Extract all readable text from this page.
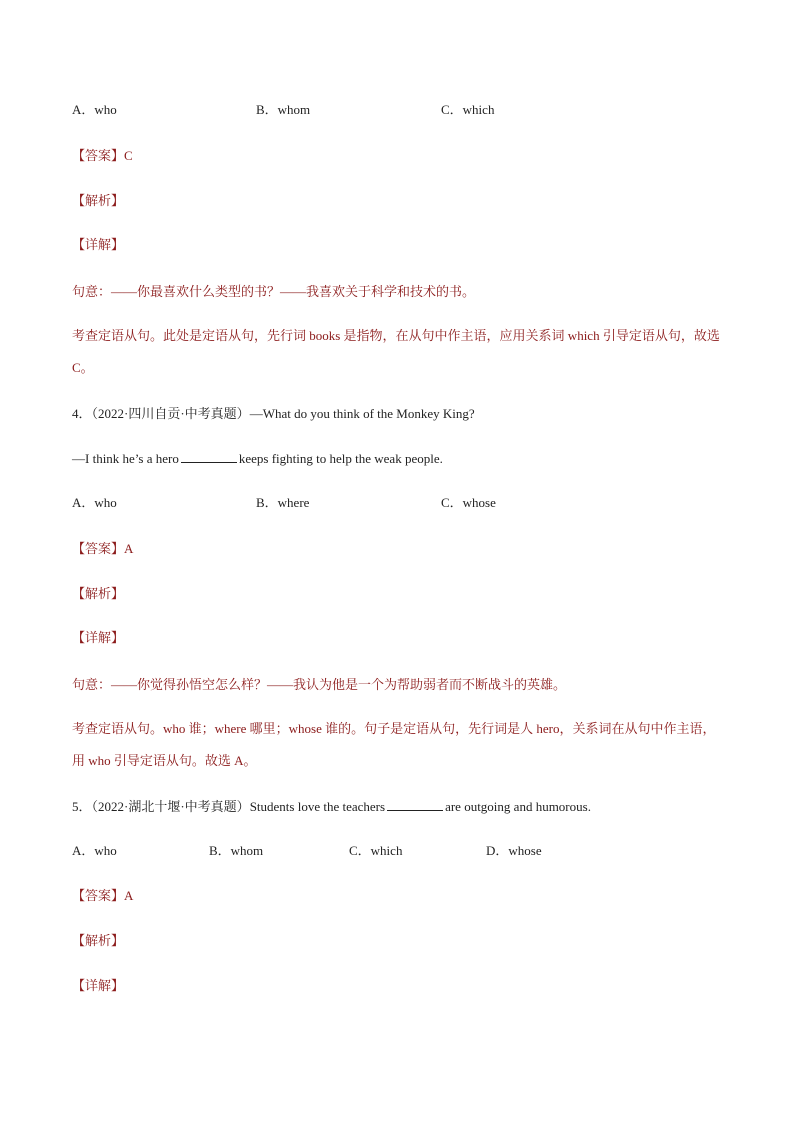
A．who	B．whom	C．which
【答案】C
【解析】
【详解】
句意：——你最喜欢什么类型的书？——我喜欢关于科学和技术的书。
考查定语从句。此处是定语从句，先行词 books 是指物，在从句中作主语，应用关系词 which 引导定语从句，故选 C。
4．（2022·四川自贡·中考真题）—What do you think of the Monkey King?
—I think he’s a hero	keeps fighting to help the weak people.
A．who	B．where	C．whose
【答案】A
【解析】
【详解】
句意：——你觉得孙悟空怎么样？——我认为他是一个为帮助弱者而不断战斗的英雄。
考查定语从句。who 谁；where 哪里；whose 谁的。句子是定语从句，先行词是人 hero，关系词在从句中作主语，用 who 引导定语从句。故选 A。
5．（2022·湖北十堰·中考真题）Students love the teachers	are outgoing and humorous.
A．who	B．whom	C．which	D．whose
【答案】A
【解析】
【详解】
